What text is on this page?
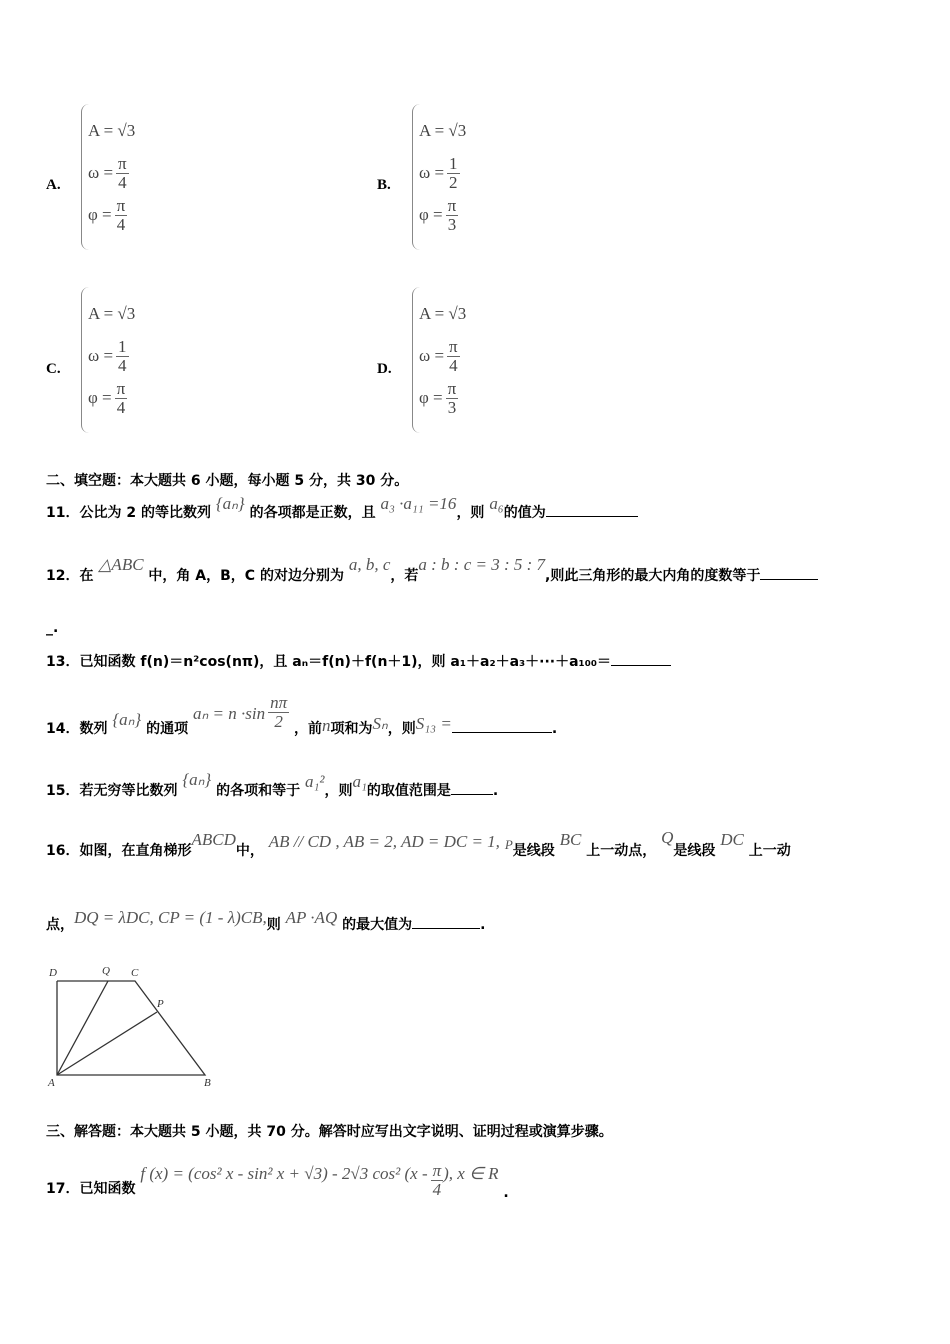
A.
A = √3
$\omega = \frac{\pi}{4}$
$\varphi = \frac{\pi}{4}$
B.
A = √3
$\omega = \frac{1}{2}$
$\varphi = \frac{\pi}{3}$
C.
A = √3
$\omega = \frac{1}{4}$
$\varphi = \frac{\pi}{4}$
D.
A = √3
$\omega = \frac{\pi}{4}$
$\varphi = \frac{\pi}{3}$
二、填空题：本大题共 6 小题，每小题 5 分，共 30 分。
11．公比为 2 的等比数列 {aₙ} 的各项都是正数，且 a₃ ·a₁₁ =16，则 a₆的值为
12．在 △ABC 中，角 A，B，C 的对边分别为 a, b, c，若a : b : c = 3 : 5 : 7,则此三角形的最大内角的度数等于
_.
13．已知函数 f(n)＝n²cos(nπ)，且 aₙ＝f(n)＋f(n＋1)，则 a₁＋a₂＋a₃＋···＋a₁₀₀＝
14．数列 {aₙ} 的通项 $a_n = n \cdot\sin \frac{n\pi}{2}$ ，前n项和为Sₙ，则S₁₃ =	.
15．若无穷等比数列 {aₙ} 的各项和等于 a₁²，则a₁的取值范围是	.
16．如图，在直角梯形ABCD中， AB // CD , AB = 2, AD = DC = 1, P是线段 BC 上一动点， Q是线段 DC 上一动
点，DQ = λDC, CP = (1 - λ)CB,则 AP ·AQ 的最大值为	.
D	Q C
P
A	B
三、解答题：本大题共 5 小题，共 70 分。解答时应写出文字说明、证明过程或演算步骤。
17．已知函数 f (x) = (cos² x - sin² x + √3) - 2√3 cos² ($x - \frac{\pi}{4}$ ), x ∈ R .
